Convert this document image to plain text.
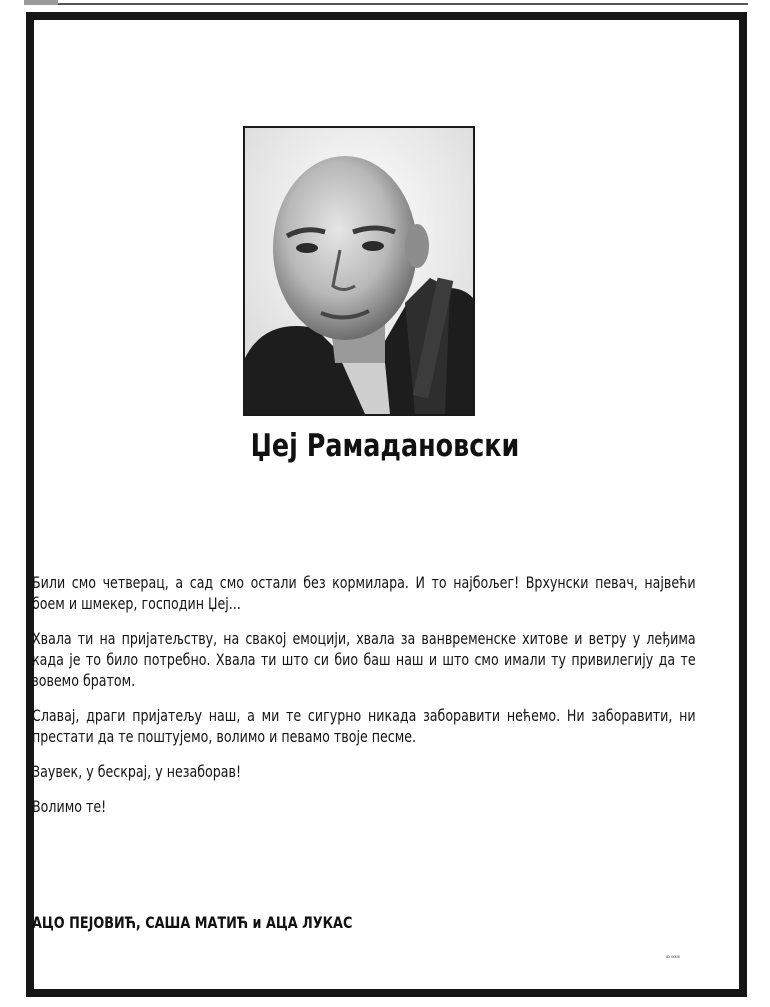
Џеј Рамадановски

Били смо четверац, а сад смо остали без кормилара. И то најбољег! Врхунски певач, највећи боем и шмекер, господин Џеј...

Хвала ти на пријатељству, на свакој емоцији, хвала за ванвременске хитове и ветру у леђима када је то било потребно. Хвала ти што си био баш наш и што смо имали ту привилегију да те зовемо братом.

Славај, драги пријатељу наш, а ми те сигурно никада заборавити нећемо. Ни заборавити, ни престати да те поштујемо, волимо и певамо твоје песме.

Заувек, у бескрај, у незаборав!

Волимо те!

АЦО ПЕЈОВИЋ, САША МАТИЋ и АЦА ЛУКАС
ID 0000
